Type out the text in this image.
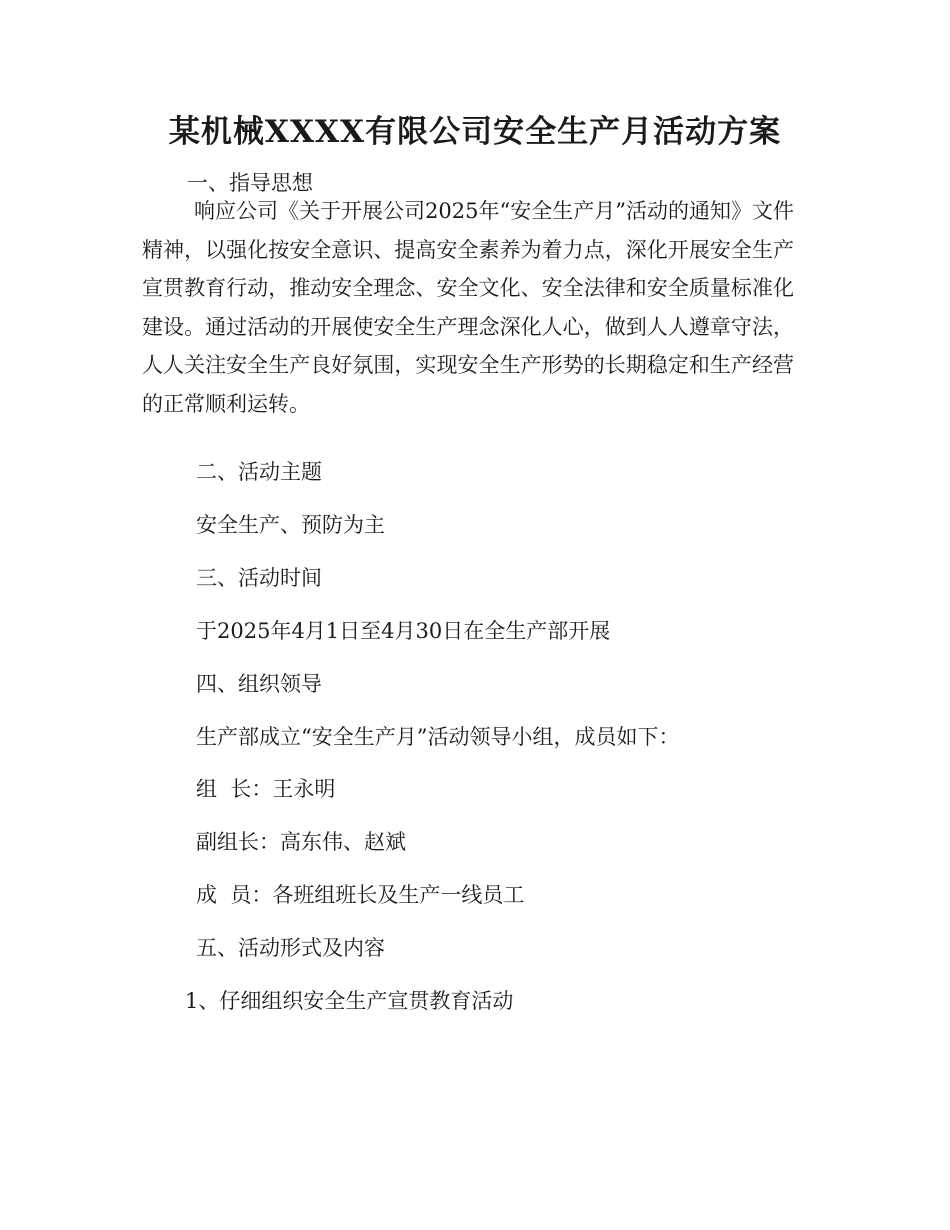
某机械XXXX有限公司安全生产月活动方案

一、指导思想

响应公司《关于开展公司2025年“安全生产月”活动的通知》文件精神，以强化按安全意识、提高安全素养为着力点，深化开展安全生产宣贯教育行动，推动安全理念、安全文化、安全法律和安全质量标准化建设。通过活动的开展使安全生产理念深化人心，做到人人遵章守法，人人关注安全生产良好氛围，实现安全生产形势的长期稳定和生产经营的正常顺利运转。

二、活动主题

安全生产、预防为主

三、活动时间

于2025年4月1日至4月30日在全生产部开展

四、组织领导

生产部成立“安全生产月”活动领导小组，成员如下：

组  长：王永明

副组长：高东伟、赵斌

成  员：各班组班长及生产一线员工

五、活动形式及内容

1、仔细组织安全生产宣贯教育活动
